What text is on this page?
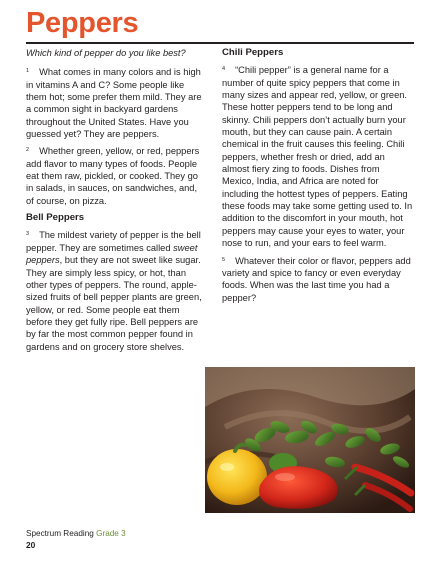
Peppers

Which kind of pepper do you like best?

$^1$ What comes in many colors and is high in vitamins A and C? Some people like them hot; some prefer them mild. They are a common sight in backyard gardens throughout the United States. Have you guessed yet? They are peppers.

$^2$ Whether green, yellow, or red, peppers add flavor to many types of foods. People eat them raw, pickled, or cooked. They go in salads, in sauces, on sandwiches, and, of course, on pizza.

Bell Peppers

$^3$ The mildest variety of pepper is the bell pepper. They are sometimes called sweet peppers, but they are not sweet like sugar. They are simply less spicy, or hot, than other types of peppers. The round, apple-sized fruits of bell pepper plants are green, yellow, or red. Some people eat them before they get fully ripe. Bell peppers are by far the most common pepper found in gardens and on grocery store shelves.

Chili Peppers

$^4$ “Chili pepper” is a general name for a number of quite spicy peppers that come in many sizes and appear red, yellow, or green. These hotter peppers tend to be long and skinny. Chili peppers don’t actually burn your mouth, but they can cause pain. A certain chemical in the fruit causes this feeling. Chili peppers, whether fresh or dried, add an almost fiery zing to foods. Dishes from Mexico, India, and Africa are noted for including the hottest types of peppers. Eating these foods may take some getting used to. In addition to the discomfort in your mouth, hot peppers may cause your eyes to water, your nose to run, and your ears to feel warm.

$^5$ Whatever their color or flavor, peppers add variety and spice to fancy or even everyday foods. When was the last time you had a pepper?

Spectrum Reading Grade 3
20
